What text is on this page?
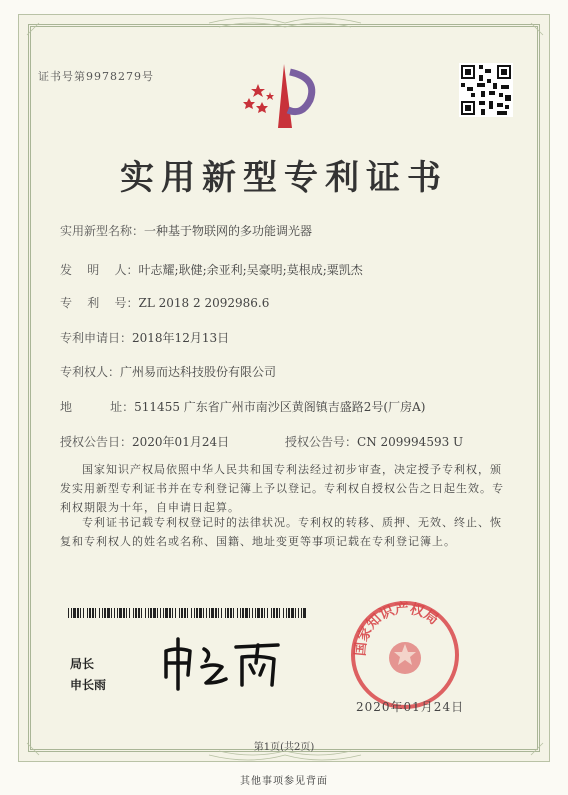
证书号第9978279号
实用新型专利证书
实用新型名称：一种基于物联网的多功能调光器
发    明    人：叶志耀;耿健;余亚利;吴豪明;莫根成;粟凯杰
专    利    号：ZL 2018 2 2092986.6
专利申请日：2018年12月13日
专利权人：广州易而达科技股份有限公司
地          址：511455 广东省广州市南沙区黄阁镇吉盛路2号(厂房A)
授权公告日：2020年01月24日	授权公告号：CN 209994593 U
国家知识产权局依照中华人民共和国专利法经过初步审查，决定授予专利权，颁发实用新型专利证书并在专利登记簿上予以登记。专利权自授权公告之日起生效。专利权期限为十年，自申请日起算。
专利证书记载专利权登记时的法律状况。专利权的转移、质押、无效、终止、恢复和专利权人的姓名或名称、国籍、地址变更等事项记载在专利登记簿上。
局长
申长雨
国家知识产权局
2020年01月24日
第1页(共2页)
其他事项参见背面
